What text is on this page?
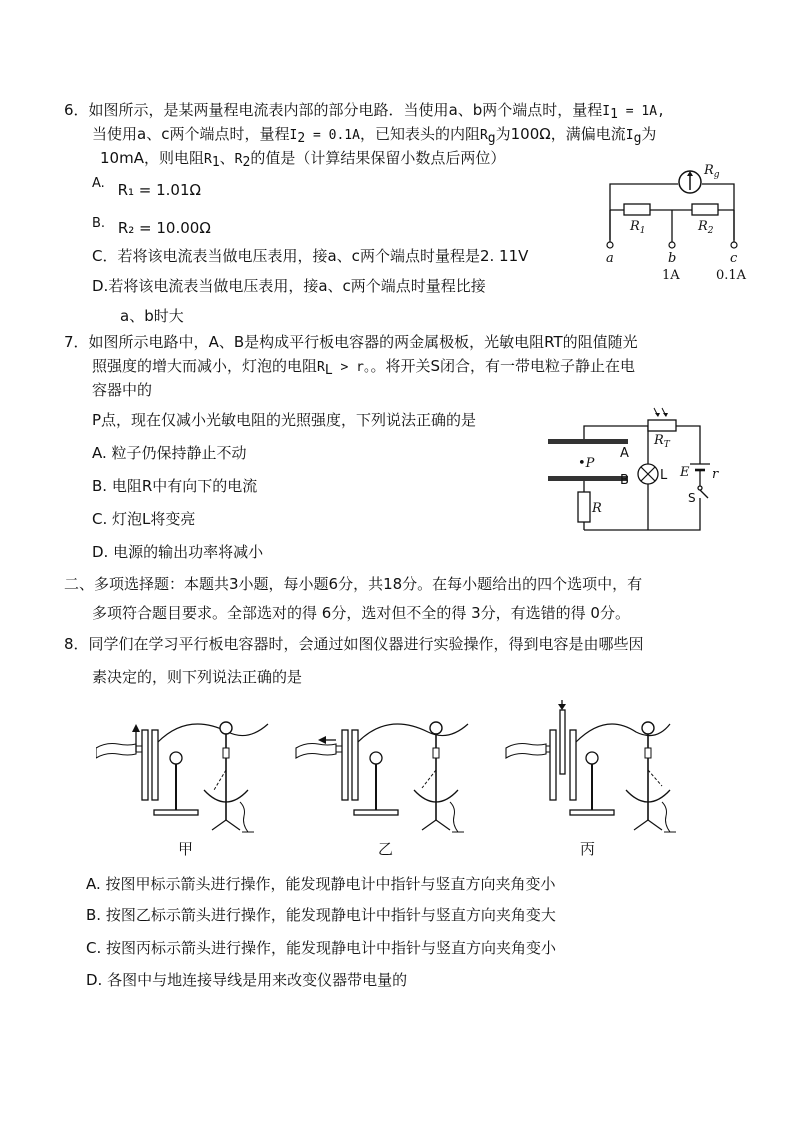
6．如图所示，是某两量程电流表内部的部分电路．当使用a、b两个端点时，量程$I_1 = 1A$,
当使用a、c两个端点时，量程$I_2 = 0.1A$，已知表头的内阻$R_g$为100Ω，满偏电流$I_g$为
10mA，则电阻$R_1$、$R_2$的值是（计算结果保留小数点后两位）
A. R₁ = 1.01Ω
B. R₂ = 10.00Ω
C．若将该电流表当做电压表用，接a、c两个端点时量程是2. 11V
D.若将该电流表当做电压表用，接a、c两个端点时量程比接
a、b时大
$R_g$
$R_1$	$R_2$
a	b	c
1A	0.1A
7．如图所示电路中，A、B是构成平行板电容器的两金属极板，光敏电阻RT的阻值随光
照强度的增大而减小，灯泡的电阻$R_L > r$。。将开关S闭合，有一带电粒子静止在电
容器中的
P点，现在仅减小光敏电阻的光照强度，下列说法正确的是
A. 粒子仍保持静止不动
B. 电阻R中有向下的电流
C. 灯泡L将变亮
D. 电源的输出功率将减小
A
B L
•P
R
$R_T$
E r
S
二、多项选择题：本题共3小题，每小题6分，共18分。在每小题给出的四个选项中，有
多项符合题目要求。全部选对的得 6分，选对但不全的得 3分，有选错的得 0分。
8．同学们在学习平行板电容器时，会通过如图仪器进行实验操作，得到电容是由哪些因
素决定的，则下列说法正确的是
甲	乙	丙
A. 按图甲标示箭头进行操作，能发现静电计中指针与竖直方向夹角变小
B. 按图乙标示箭头进行操作，能发现静电计中指针与竖直方向夹角变大
C. 按图丙标示箭头进行操作，能发现静电计中指针与竖直方向夹角变小
D. 各图中与地连接导线是用来改变仪器带电量的
